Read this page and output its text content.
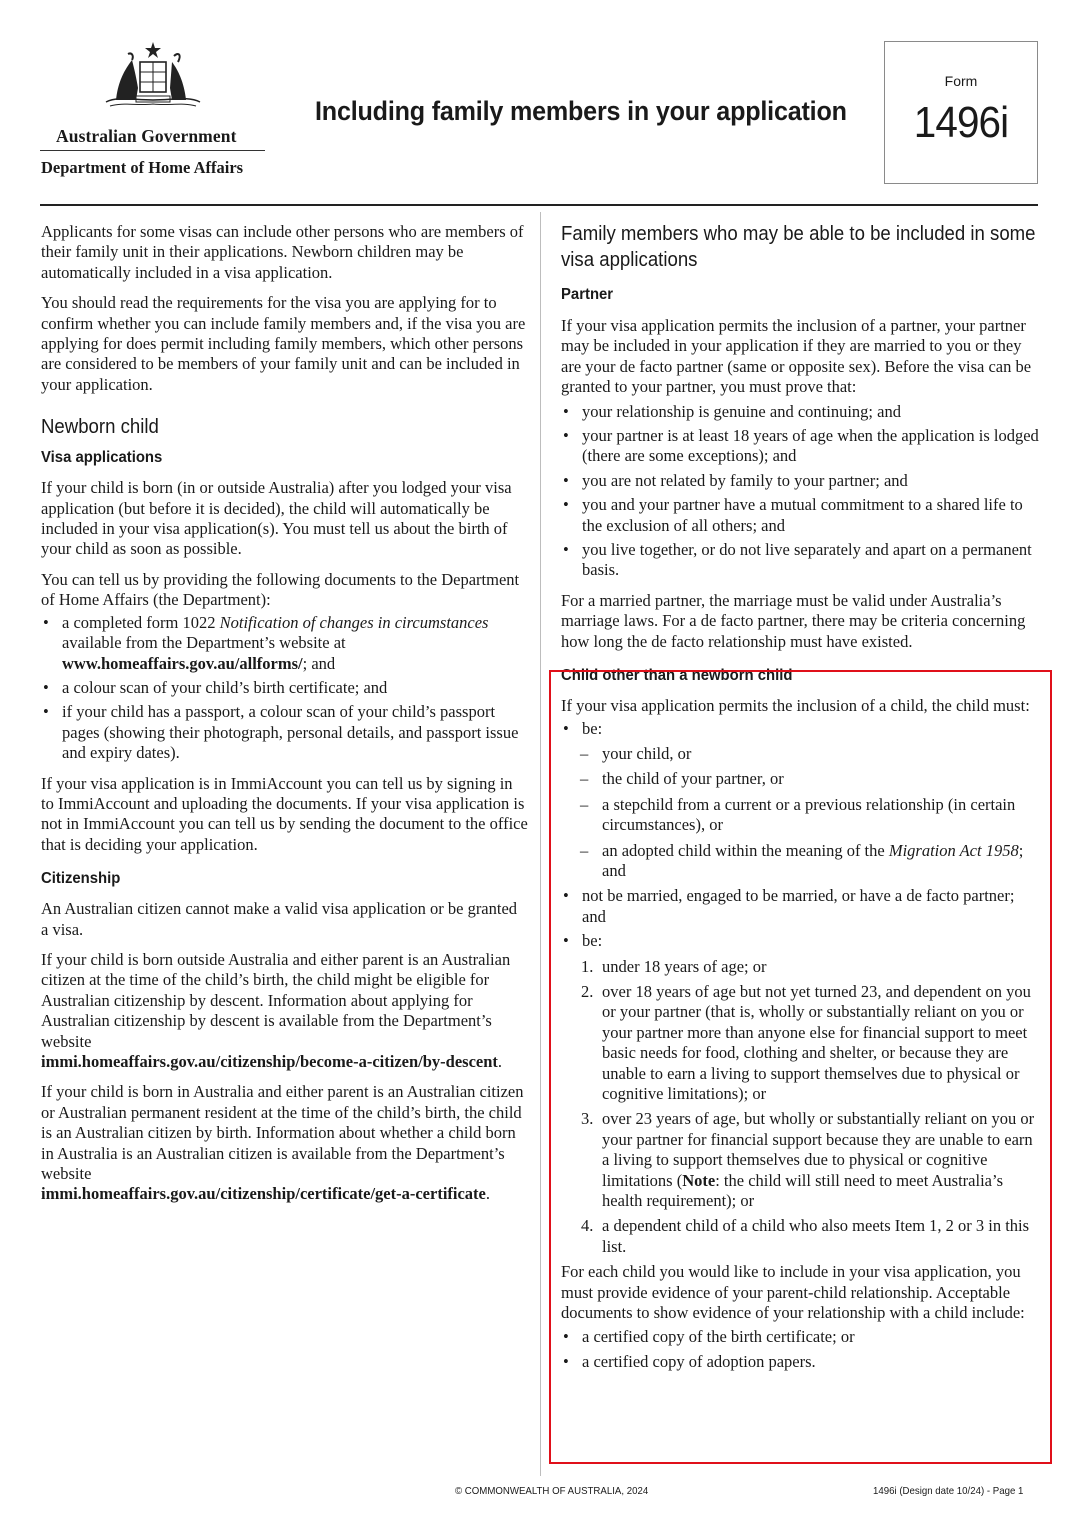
Australian Government
Department of Home Affairs
Including family members in your application
Form
1496i

Applicants for some visas can include other persons who are members of their family unit in their applications. Newborn children may be automatically included in a visa application.

You should read the requirements for the visa you are applying for to confirm whether you can include family members and, if the visa you are applying for does permit including family members, which other persons are considered to be members of your family unit and can be included in your application.

Newborn child
Visa applications

If your child is born (in or outside Australia) after you lodged your visa application (but before it is decided), the child will automatically be included in your visa application(s). You must tell us about the birth of your child as soon as possible.

You can tell us by providing the following documents to the Department of Home Affairs (the Department):

• a completed form 1022 Notification of changes in circumstances available from the Department’s website at www.homeaffairs.gov.au/allforms/; and
• a colour scan of your child’s birth certificate; and
• if your child has a passport, a colour scan of your child’s passport pages (showing their photograph, personal details, and passport issue and expiry dates).

If your visa application is in ImmiAccount you can tell us by signing in to ImmiAccount and uploading the documents. If your visa application is not in ImmiAccount you can tell us by sending the document to the office that is deciding your application.

Citizenship

An Australian citizen cannot make a valid visa application or be granted a visa.

If your child is born outside Australia and either parent is an Australian citizen at the time of the child’s birth, the child might be eligible for Australian citizenship by descent. Information about applying for Australian citizenship by descent is available from the Department’s website
immi.homeaffairs.gov.au/citizenship/become-a-citizen/by-descent.

If your child is born in Australia and either parent is an Australian citizen or Australian permanent resident at the time of the child’s birth, the child is an Australian citizen by birth. Information about whether a child born in Australia is an Australian citizen is available from the Department’s website
immi.homeaffairs.gov.au/citizenship/certificate/get-a-certificate.

Family members who may be able to be included in some visa applications
Partner

If your visa application permits the inclusion of a partner, your partner may be included in your application if they are married to you or they are your de facto partner (same or opposite sex). Before the visa can be granted to your partner, you must prove that:

• your relationship is genuine and continuing; and
• your partner is at least 18 years of age when the application is lodged (there are some exceptions); and
• you are not related by family to your partner; and
• you and your partner have a mutual commitment to a shared life to the exclusion of all others; and
• you live together, or do not live separately and apart on a permanent basis.

For a married partner, the marriage must be valid under Australia’s marriage laws. For a de facto partner, there may be criteria concerning how long the de facto relationship must have existed.

Child other than a newborn child

If your visa application permits the inclusion of a child, the child must:

• be:
– your child, or
– the child of your partner, or
– a stepchild from a current or a previous relationship (in certain circumstances), or
– an adopted child within the meaning of the Migration Act 1958; and
• not be married, engaged to be married, or have a de facto partner; and
• be:
1. under 18 years of age; or
2. over 18 years of age but not yet turned 23, and dependent on you or your partner (that is, wholly or substantially reliant on you or your partner more than anyone else for financial support to meet basic needs for food, clothing and shelter, or because they are unable to earn a living to support themselves due to physical or cognitive limitations); or
3. over 23 years of age, but wholly or substantially reliant on you or your partner for financial support because they are unable to earn a living to support themselves due to physical or cognitive limitations (Note: the child will still need to meet Australia’s health requirement); or
4. a dependent child of a child who also meets Item 1, 2 or 3 in this list.

For each child you would like to include in your visa application, you must provide evidence of your parent-child relationship. Acceptable documents to show evidence of your relationship with a child include:

• a certified copy of the birth certificate; or
• a certified copy of adoption papers.
© COMMONWEALTH OF AUSTRALIA, 2024	1496i (Design date 10/24) - Page 1
